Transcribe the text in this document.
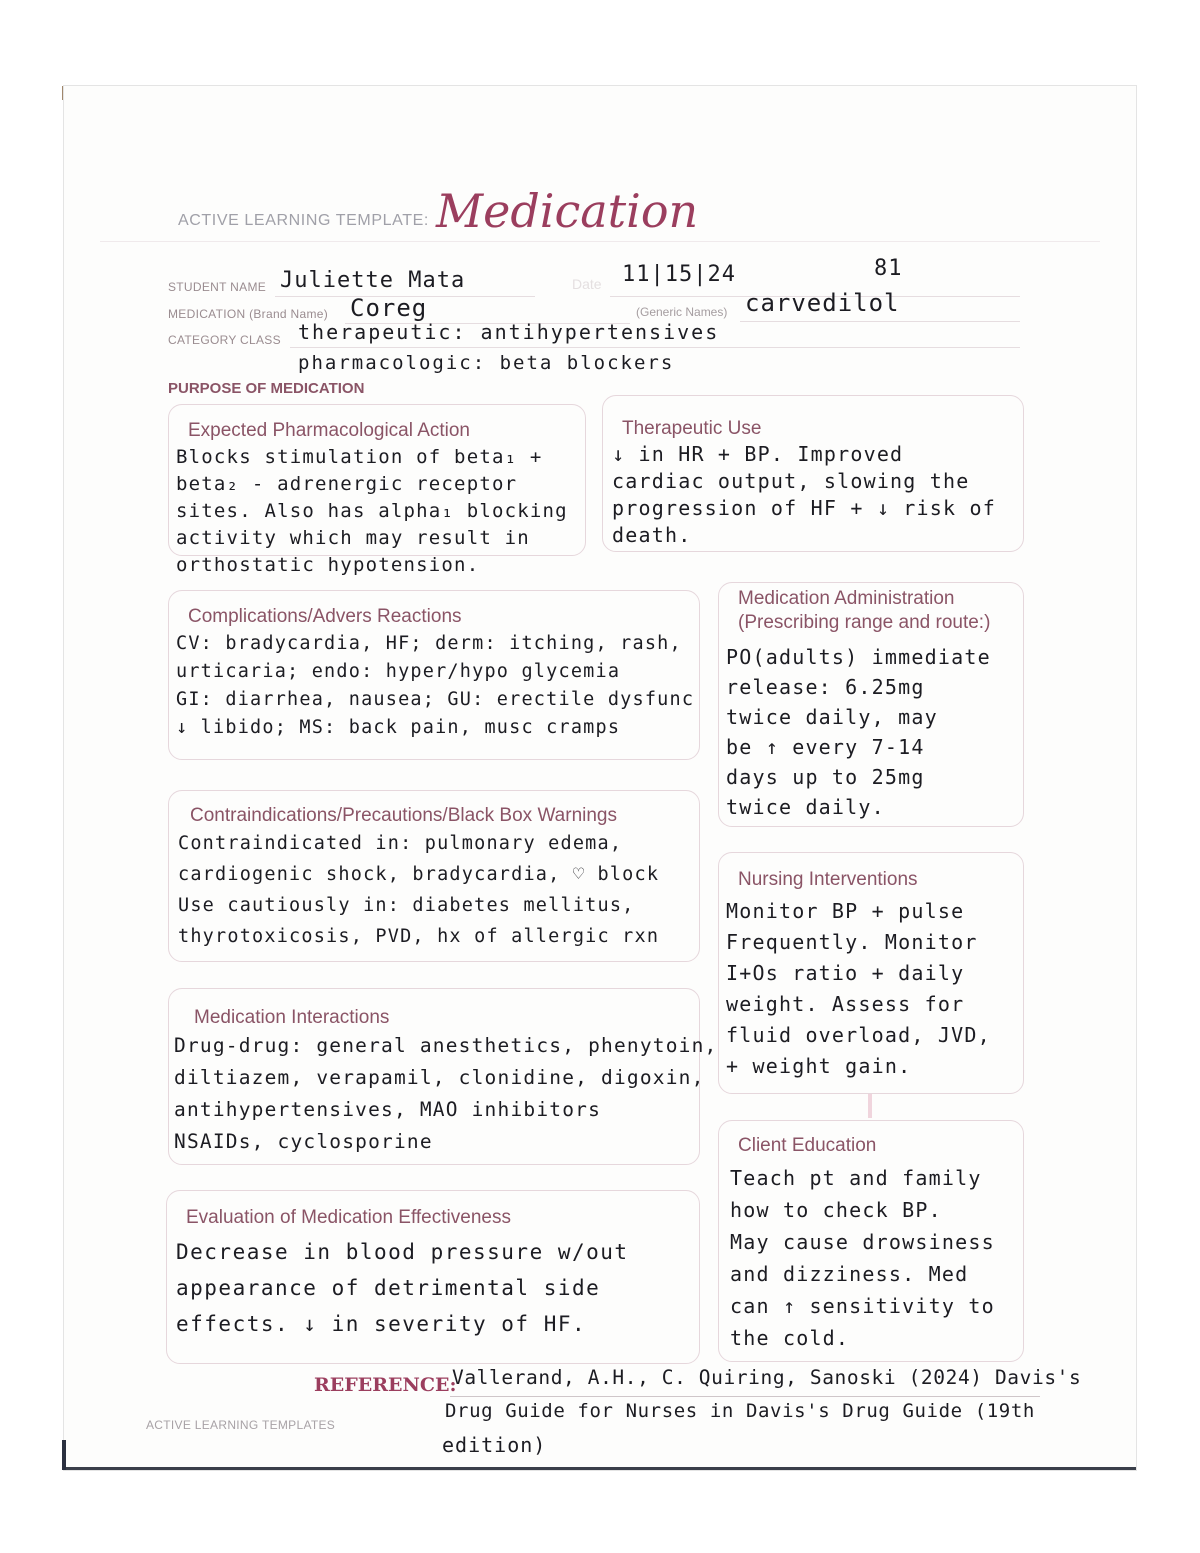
ACTIVE LEARNING TEMPLATE: Medication
STUDENT NAME Juliette Mata	Date 11|15|24	81
MEDICATION (Brand Name) Coreg	(Generic Names) carvedilol
CATEGORY CLASS therapeutic: antihypertensives
pharmacologic: beta blockers
PURPOSE OF MEDICATION
Expected Pharmacological Action
Blocks stimulation of beta₁ +
beta₂ - adrenergic receptor
sites. Also has alpha₁ blocking
activity which may result in
orthostatic hypotension.
Therapeutic Use
↓ in HR + BP. Improved
cardiac output, slowing the
progression of HF + ↓ risk of
death.
Complications/Advers Reactions
CV: bradycardia, HF; derm: itching, rash,
urticaria; endo: hyper/hypo glycemia
GI: diarrhea, nausea; GU: erectile dysfunc
↓ libido; MS: back pain, musc cramps
Medication Administration
(Prescribing range and route:)
PO(adults) immediate
release: 6.25mg
twice daily, may
be ↑ every 7-14
days up to 25mg
twice daily.
Contraindications/Precautions/Black Box Warnings
Contraindicated in: pulmonary edema,
cardiogenic shock, bradycardia, ♡ block
Use cautiously in: diabetes mellitus,
thyrotoxicosis, PVD, hx of allergic rxn
Nursing Interventions
Monitor BP + pulse
Frequently. Monitor
I+Os ratio + daily
weight. Assess for
fluid overload, JVD,
+ weight gain.
Medication Interactions
Drug-drug: general anesthetics, phenytoin,
diltiazem, verapamil, clonidine, digoxin,
antihypertensives, MAO inhibitors
NSAIDs, cyclosporine	Client Education
Teach pt and family
how to check BP.
May cause drowsiness
and dizziness. Med
can ↑ sensitivity to
the cold.
Evaluation of Medication Effectiveness
Decrease in blood pressure w/out
appearance of detrimental side
effects. ↓ in severity of HF.
REFERENCE:
Vallerand, A.H., C. Quiring, Sanoski (2024) Davis's
Drug Guide for Nurses in Davis's Drug Guide (19th
edition)
ACTIVE LEARNING TEMPLATES
